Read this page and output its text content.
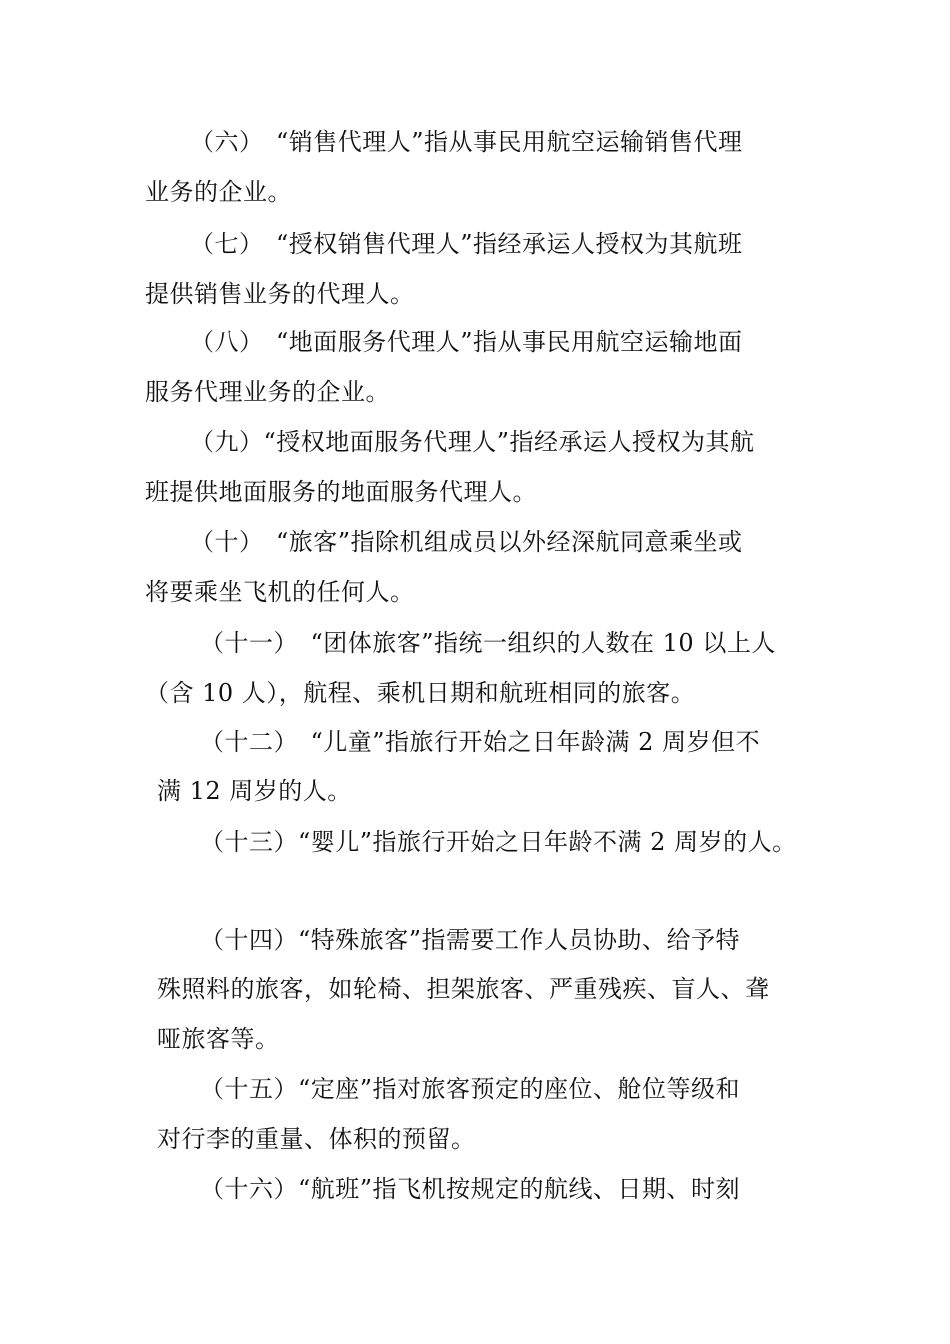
（六）　“销售代理人”指从事民用航空运输销售代理
业务的企业。
（七）　“授权销售代理人”指经承运人授权为其航班
提供销售业务的代理人。
（八）　“地面服务代理人”指从事民用航空运输地面
服务代理业务的企业。
（九）“授权地面服务代理人”指经承运人授权为其航
班提供地面服务的地面服务代理人。
（十）　“旅客”指除机组成员以外经深航同意乘坐或
将要乘坐飞机的任何人。
（十一）　“团体旅客”指统一组织的人数在 10 以上人
（含 10 人），航程、乘机日期和航班相同的旅客。
（十二）　“儿童”指旅行开始之日年龄满 2 周岁但不
满 12 周岁的人。
（十三）“婴儿”指旅行开始之日年龄不满 2 周岁的人。
（十四）“特殊旅客”指需要工作人员协助、给予特
殊照料的旅客，如轮椅、担架旅客、严重残疾、盲人、聋
哑旅客等。
（十五）“定座”指对旅客预定的座位、舱位等级和
对行李的重量、体积的预留。
（十六）“航班”指飞机按规定的航线、日期、时刻
